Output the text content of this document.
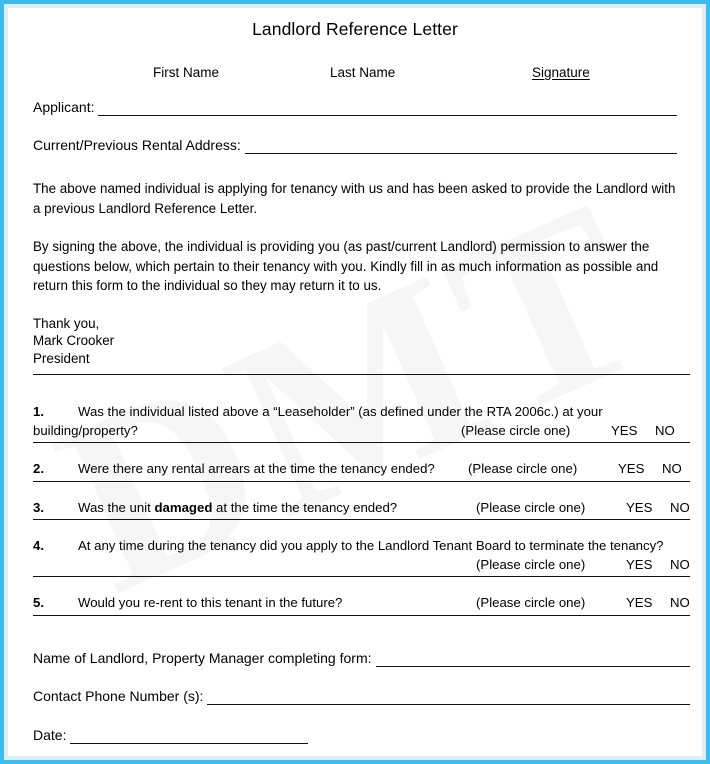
Landlord Reference Letter
First Name	Last Name	Signature
Applicant:
Current/Previous Rental Address:

The above named individual is applying for tenancy with us and has been asked to provide the Landlord with a previous Landlord Reference Letter.

By signing the above, the individual is providing you (as past/current Landlord) permission to answer the questions below, which pertain to their tenancy with you. Kindly fill in as much information as possible and return this form to the individual so they may return it to us.

Thank you,
Mark Crooker
President
1.	Was the individual listed above a “Leaseholder” (as defined under the RTA 2006c.) at your
building/property?	(Please circle one)	YES NO
2.	Were there any rental arrears at the time the tenancy ended?	(Please circle one)	YES NO
3.	Was the unit damaged at the time the tenancy ended?	(Please circle one)	YES NO
4.	At any time during the tenancy did you apply to the Landlord Tenant Board to terminate the tenancy?
(Please circle one)	YES NO
5.	Would you re-rent to this tenant in the future?	(Please circle one)	YES NO
Name of Landlord, Property Manager completing form:
Contact Phone Number (s):
Date:
